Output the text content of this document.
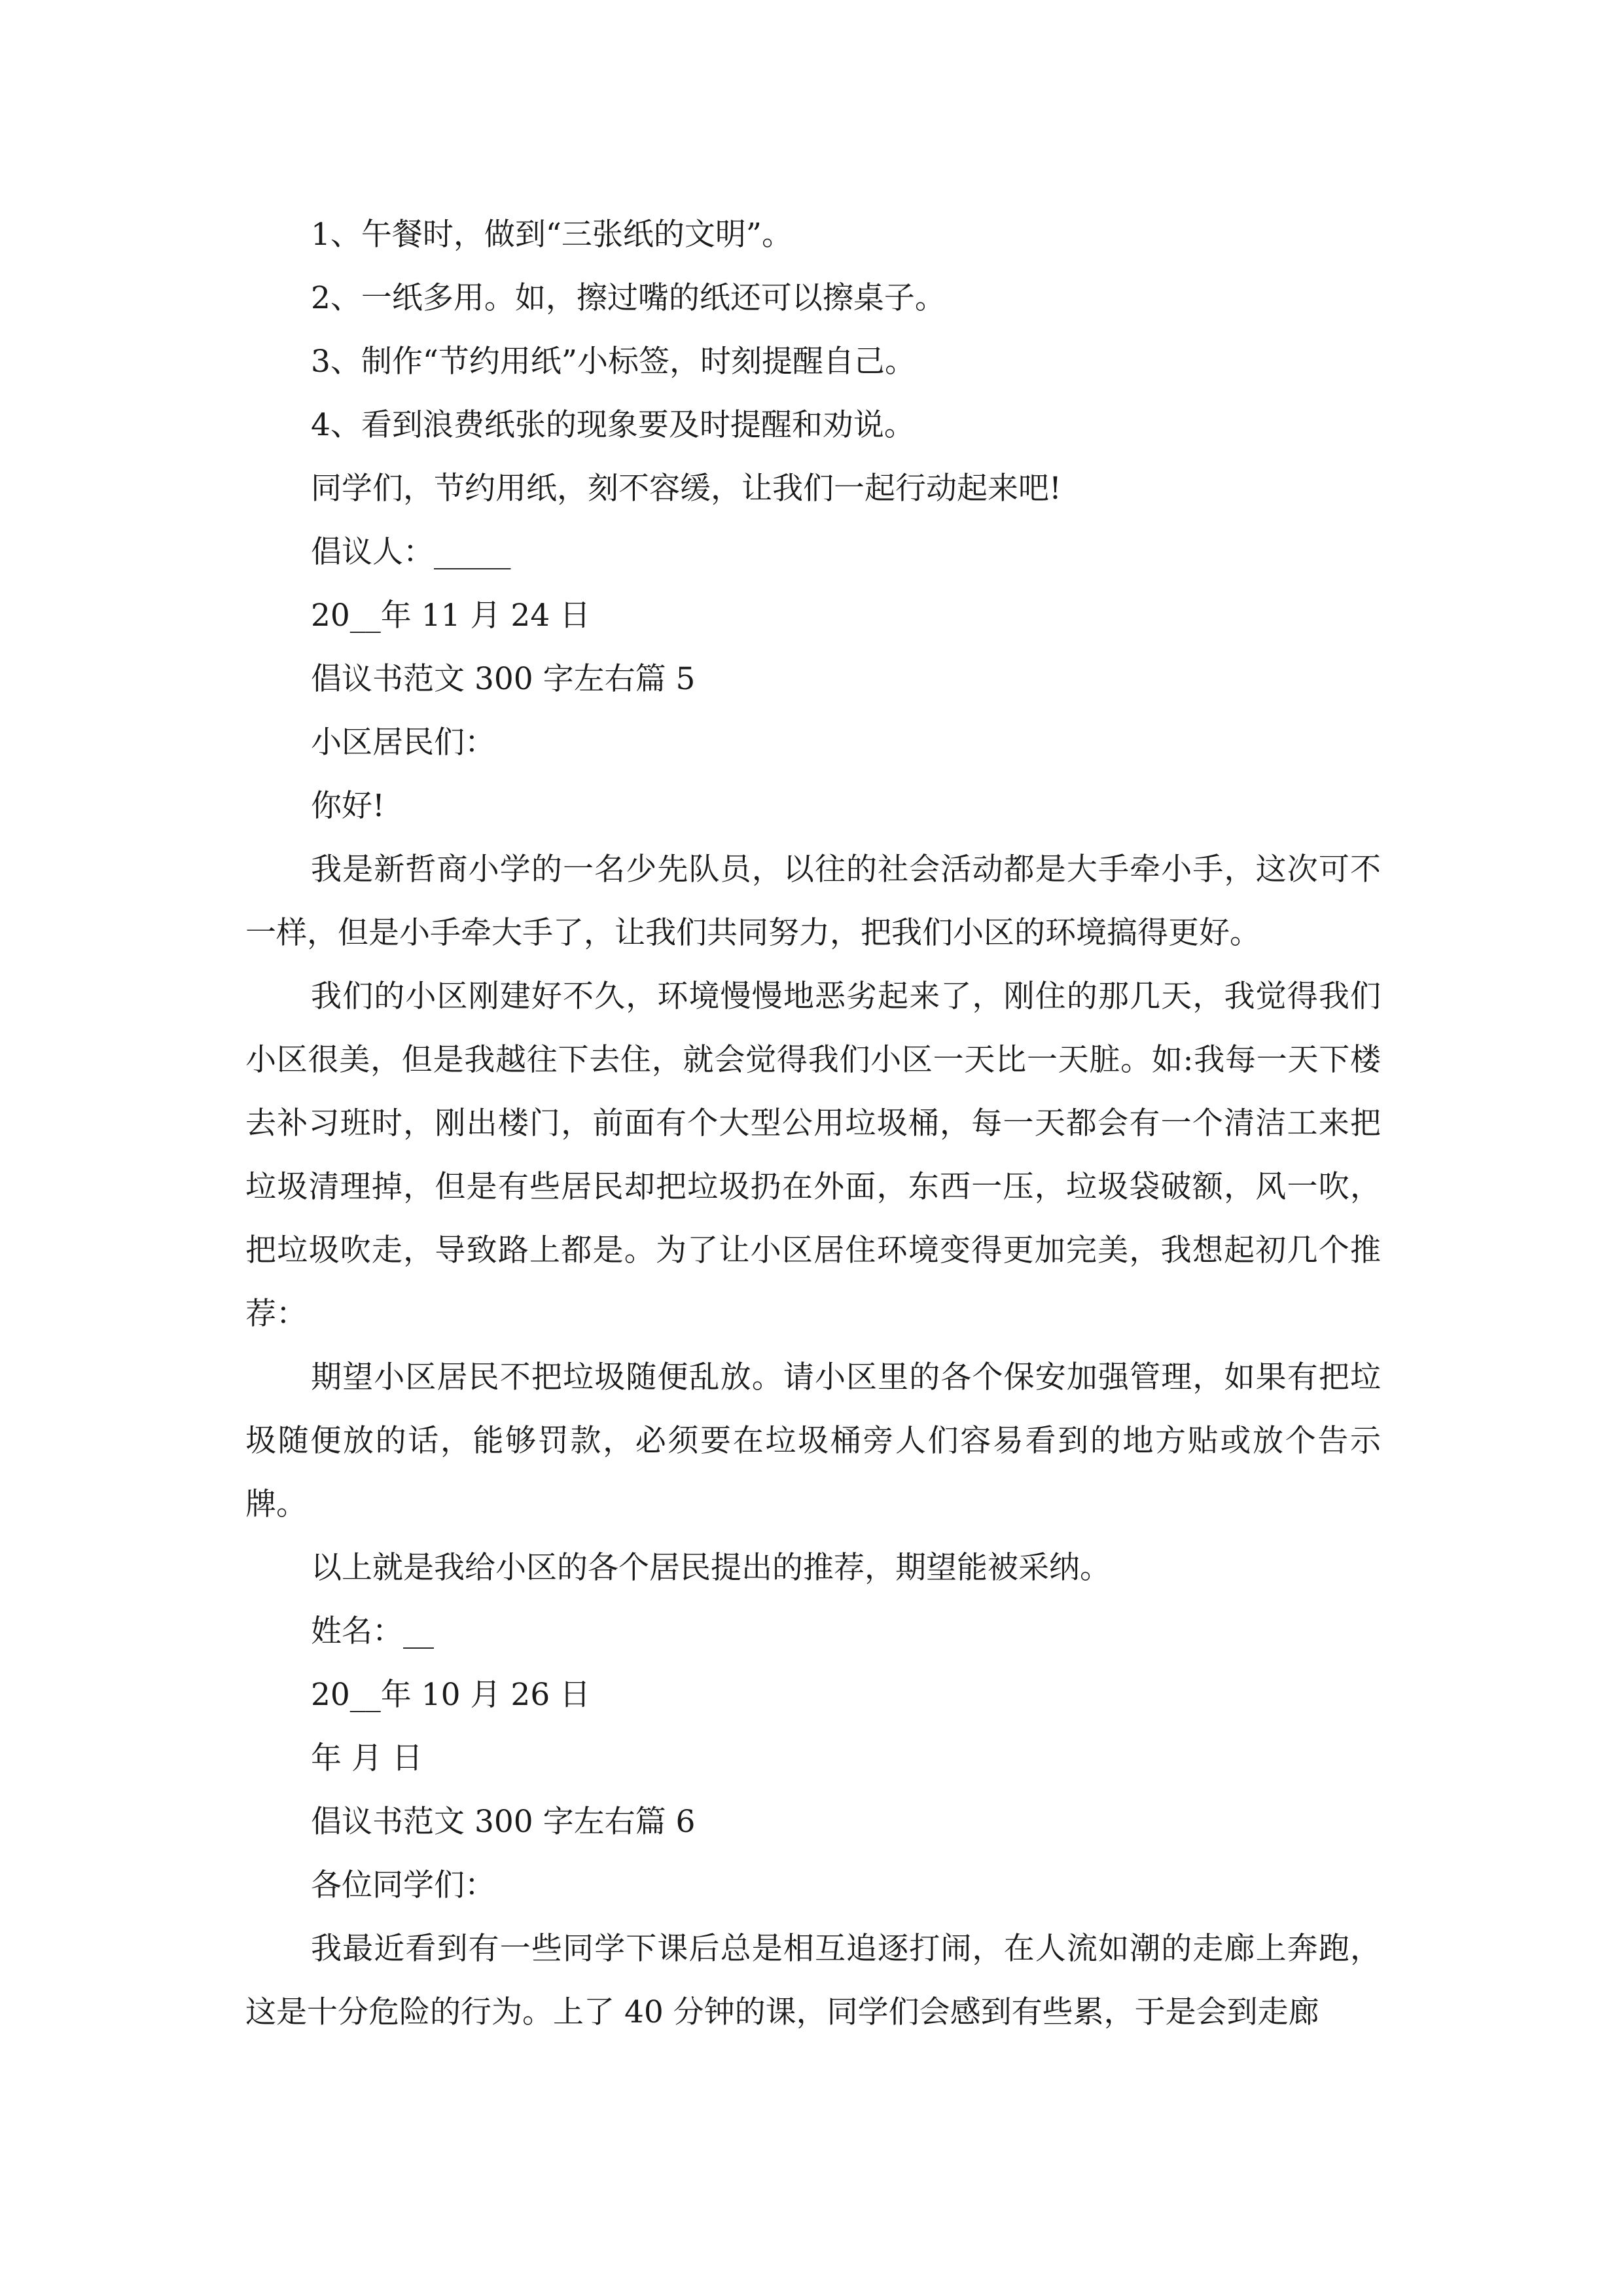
1、午餐时，做到“三张纸的文明”。
2、一纸多用。如，擦过嘴的纸还可以擦桌子。
3、制作“节约用纸”小标签，时刻提醒自己。
4、看到浪费纸张的现象要及时提醒和劝说。
同学们，节约用纸，刻不容缓，让我们一起行动起来吧!
倡议人：_____
20__年 11 月 24 日
倡议书范文 300 字左右篇 5
小区居民们：
你好!

我是新哲商小学的一名少先队员，以往的社会活动都是大手牵小手，这次可不一样，但是小手牵大手了，让我们共同努力，把我们小区的环境搞得更好。

我们的小区刚建好不久，环境慢慢地恶劣起来了，刚住的那几天，我觉得我们小区很美，但是我越往下去住，就会觉得我们小区一天比一天脏。如:我每一天下楼去补习班时，刚出楼门，前面有个大型公用垃圾桶，每一天都会有一个清洁工来把垃圾清理掉，但是有些居民却把垃圾扔在外面，东西一压，垃圾袋破额，风一吹，把垃圾吹走，导致路上都是。为了让小区居住环境变得更加完美，我想起初几个推荐：

期望小区居民不把垃圾随便乱放。请小区里的各个保安加强管理，如果有把垃圾随便放的话，能够罚款，必须要在垃圾桶旁人们容易看到的地方贴或放个告示牌。

以上就是我给小区的各个居民提出的推荐，期望能被采纳。
姓名：__
20__年 10 月 26 日
年 月 日
倡议书范文 300 字左右篇 6
各位同学们：

我最近看到有一些同学下课后总是相互追逐打闹，在人流如潮的走廊上奔跑，这是十分危险的行为。上了 40 分钟的课，同学们会感到有些累，于是会到走廊
